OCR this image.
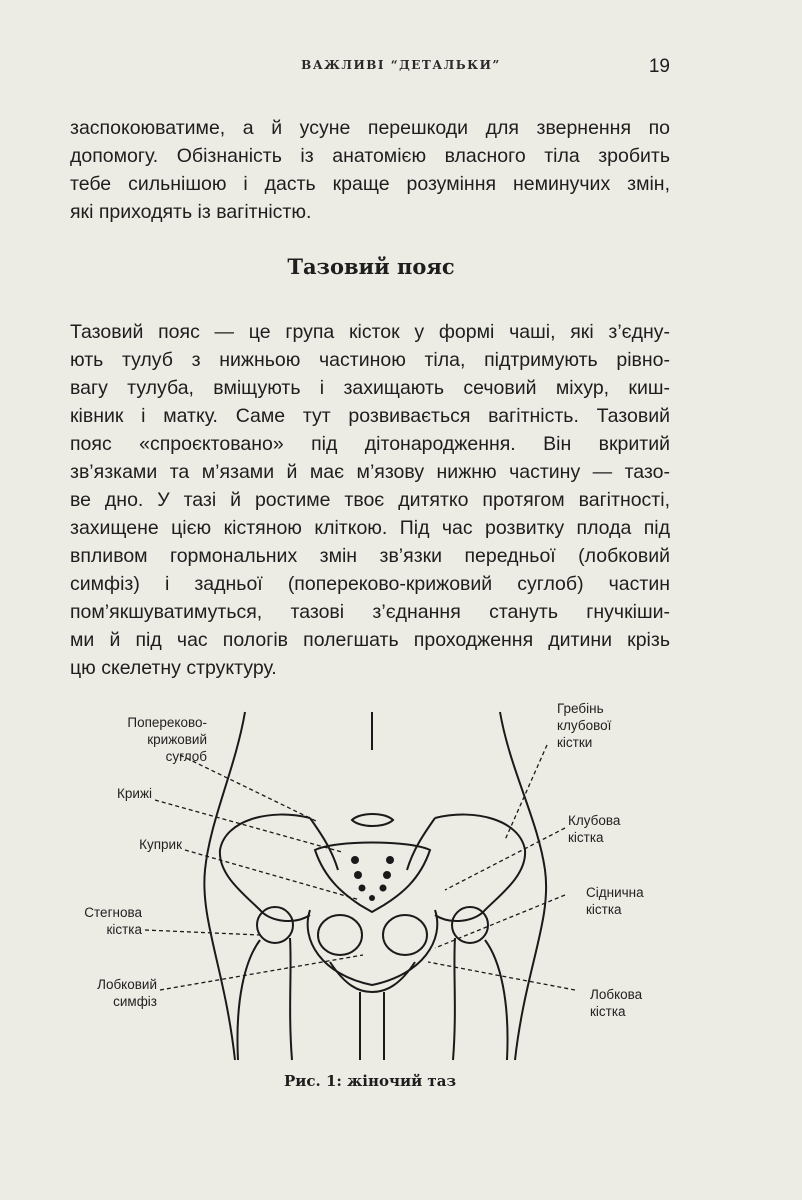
ВАЖЛИВІ “ДЕТАЛЬКИ”	19
заспокоюватиме, а й усуне перешкоди для звернення по
допомогу. Обізнаність із анатомією власного тіла зробить
тебе сильнішою і дасть краще розуміння неминучих змін,
які приходять із вагітністю.
Тазовий пояс
Тазовий пояс — це група кісток у формі чаші, які з’єдну-
ють тулуб з нижньою частиною тіла, підтримують рівно-
вагу тулуба, вміщують і захищають сечовий міхур, киш-
ківник і матку. Саме тут розвивається вагітність. Тазовий
пояс «спроєктовано» під дітонародження. Він вкритий
зв’язками та м’язами й має м’язову нижню частину — тазо-
ве дно. У тазі й ростиме твоє дитятко протягом вагітності,
захищене цією кістяною кліткою. Під час розвитку плода під
впливом гормональних змін зв’язки передньої (лобковий
симфіз) і задньої (попереково-крижовий суглоб) частин
пом’якшуватимуться, тазові з’єднання стануть гнучкіши-
ми й під час пологів полегшать проходження дитини крізь
цю скелетну структуру.
Попереково-
крижовий
суглоб
Крижі
Куприк
Стегнова
кістка
Лобковий
симфіз
Гребінь
клубової
кістки
Клубова
кістка
Сіднична
кістка
Лобкова
кістка
Рис. 1: жіночий таз
